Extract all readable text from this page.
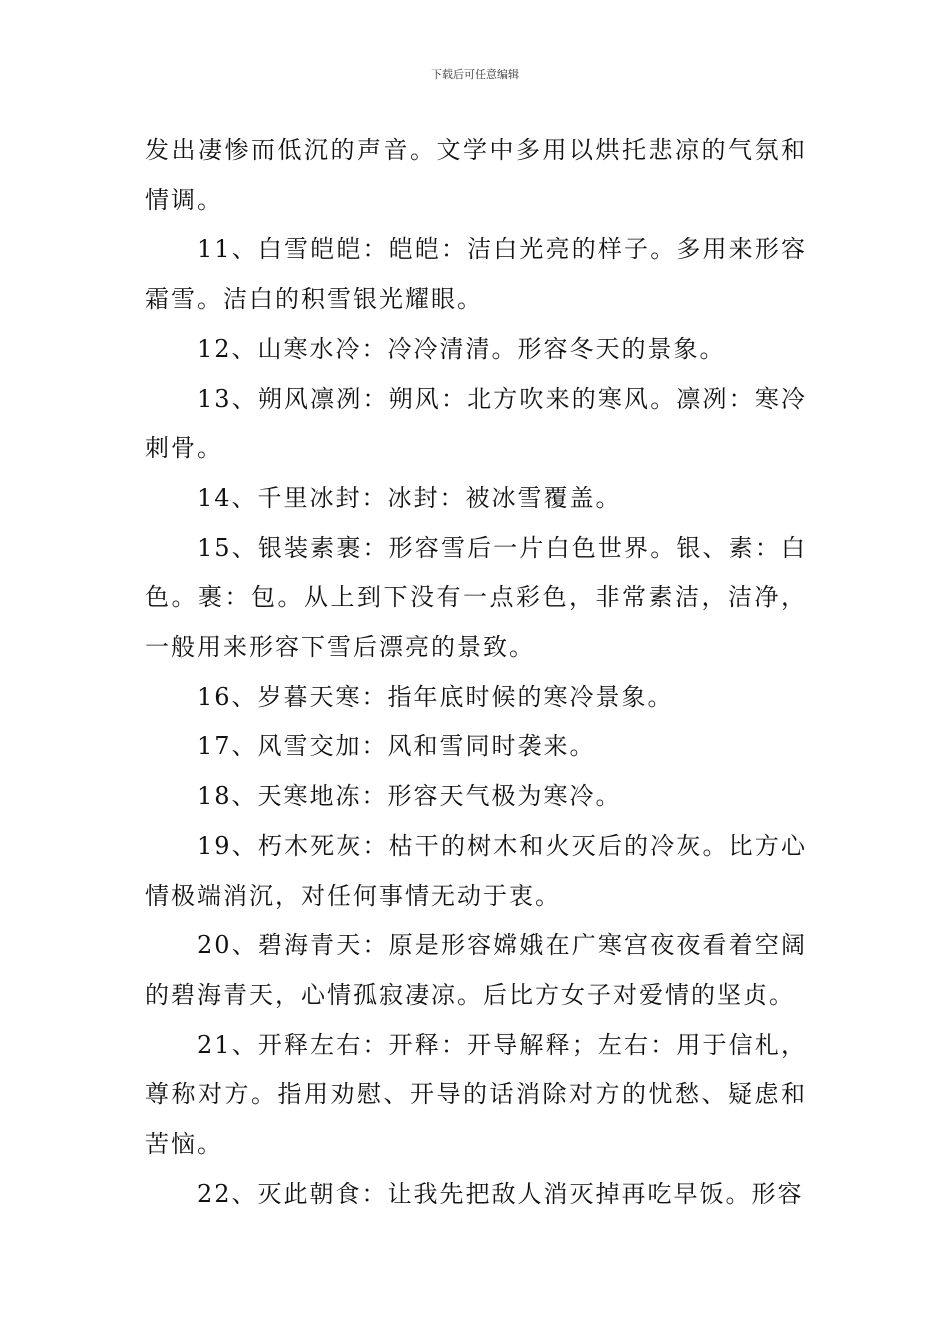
下载后可任意编辑

发出凄惨而低沉的声音。文学中多用以烘托悲凉的气氛和情调。

11、白雪皑皑：皑皑：洁白光亮的样子。多用来形容霜雪。洁白的积雪银光耀眼。

12、山寒水冷：冷冷清清。形容冬天的景象。

13、朔风凛冽：朔风：北方吹来的寒风。凛冽：寒冷刺骨。

14、千里冰封：冰封：被冰雪覆盖。

15、银装素裹：形容雪后一片白色世界。银、素：白色。裹：包。从上到下没有一点彩色，非常素洁，洁净，一般用来形容下雪后漂亮的景致。

16、岁暮天寒：指年底时候的寒冷景象。

17、风雪交加：风和雪同时袭来。

18、天寒地冻：形容天气极为寒冷。

19、朽木死灰：枯干的树木和火灭后的冷灰。比方心情极端消沉，对任何事情无动于衷。

20、碧海青天：原是形容嫦娥在广寒宫夜夜看着空阔的碧海青天，心情孤寂凄凉。后比方女子对爱情的坚贞。

21、开释左右：开释：开导解释；左右：用于信札，尊称对方。指用劝慰、开导的话消除对方的忧愁、疑虑和苦恼。

22、灭此朝食：让我先把敌人消灭掉再吃早饭。形容
